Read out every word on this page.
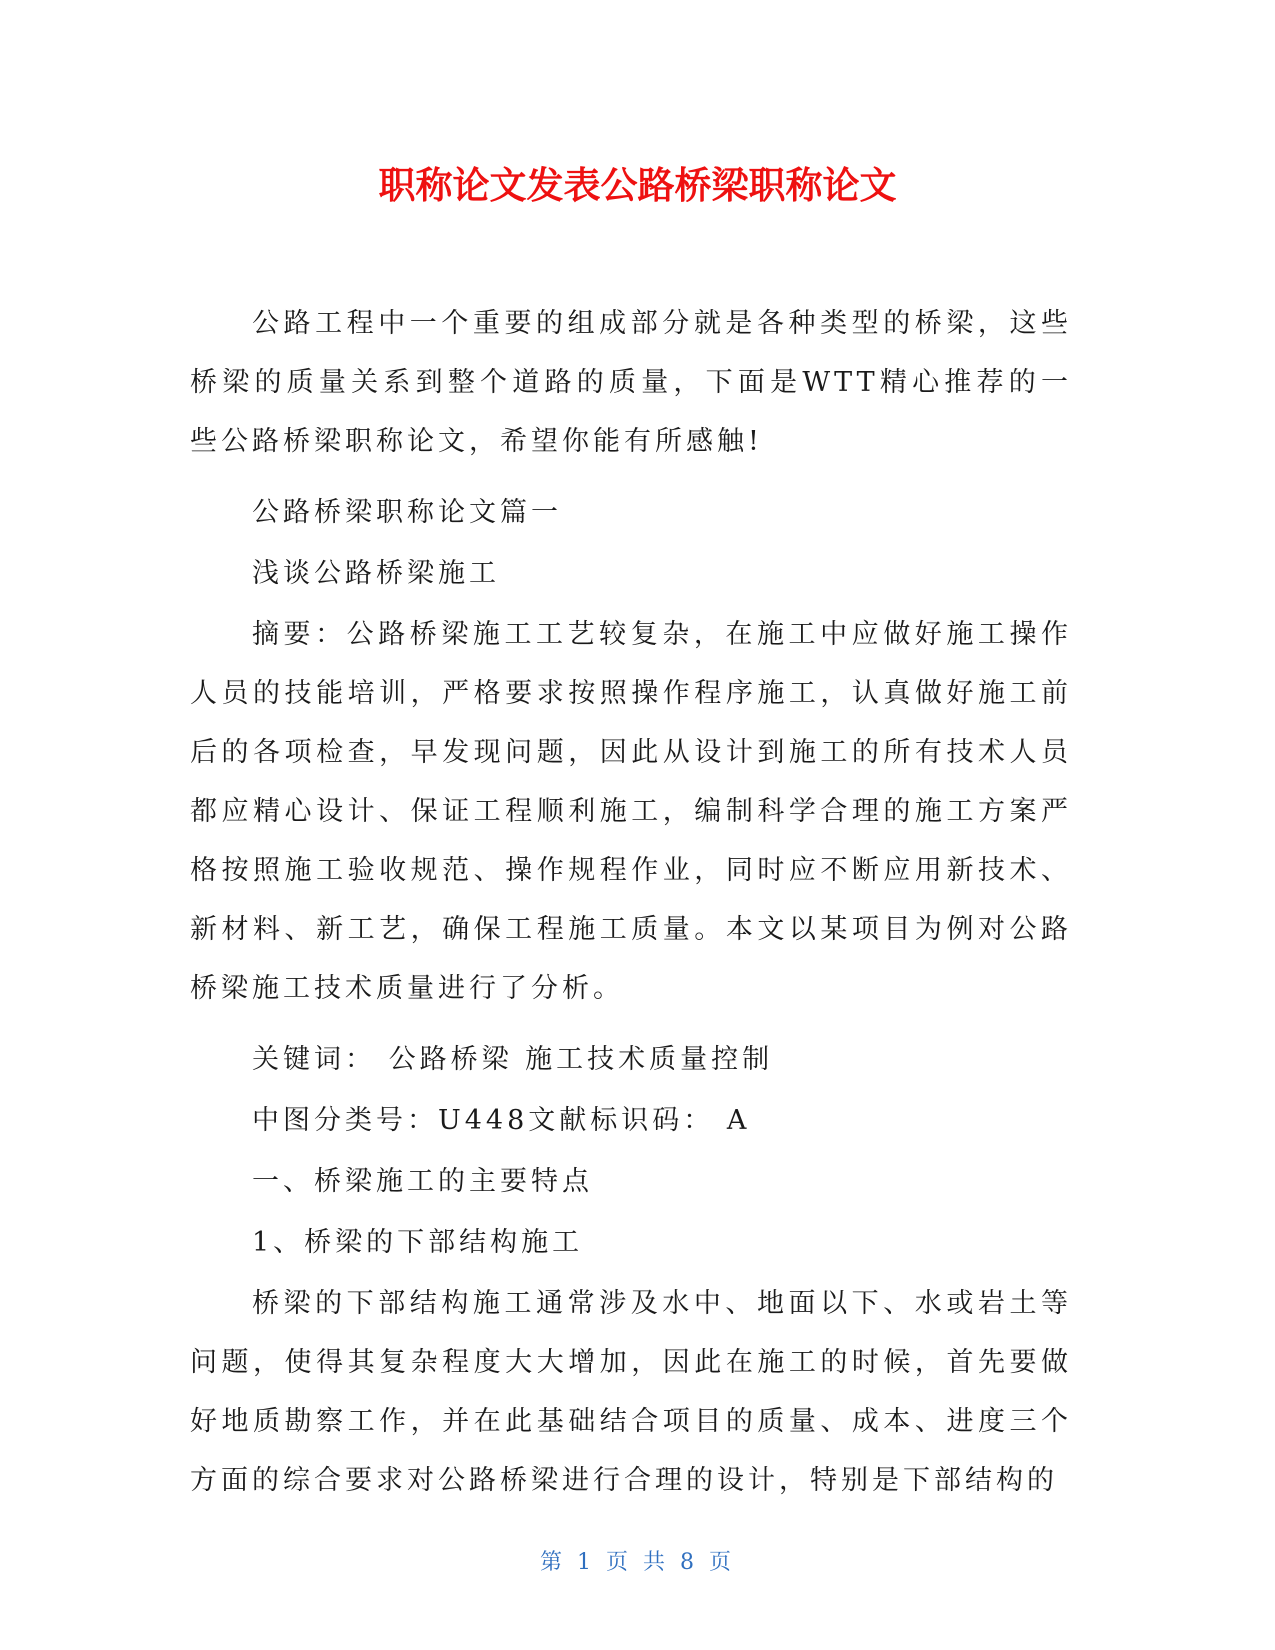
职称论文发表公路桥梁职称论文

公路工程中一个重要的组成部分就是各种类型的桥梁，这些桥梁的质量关系到整个道路的质量，下面是WTT精心推荐的一些公路桥梁职称论文，希望你能有所感触!

公路桥梁职称论文篇一

浅谈公路桥梁施工

摘要：公路桥梁施工工艺较复杂，在施工中应做好施工操作人员的技能培训，严格要求按照操作程序施工，认真做好施工前后的各项检查，早发现问题，因此从设计到施工的所有技术人员都应精心设计、保证工程顺利施工，编制科学合理的施工方案严格按照施工验收规范、操作规程作业，同时应不断应用新技术、新材料、新工艺，确保工程施工质量。本文以某项目为例对公路桥梁施工技术质量进行了分析。

关键词： 公路桥梁 施工技术质量控制

中图分类号：U448文献标识码： A

一、桥梁施工的主要特点

1、桥梁的下部结构施工

桥梁的下部结构施工通常涉及水中、地面以下、水或岩土等问题，使得其复杂程度大大增加，因此在施工的时候，首先要做好地质勘察工作，并在此基础结合项目的质量、成本、进度三个方面的综合要求对公路桥梁进行合理的设计，特别是下部结构的

第 1 页 共 8 页
